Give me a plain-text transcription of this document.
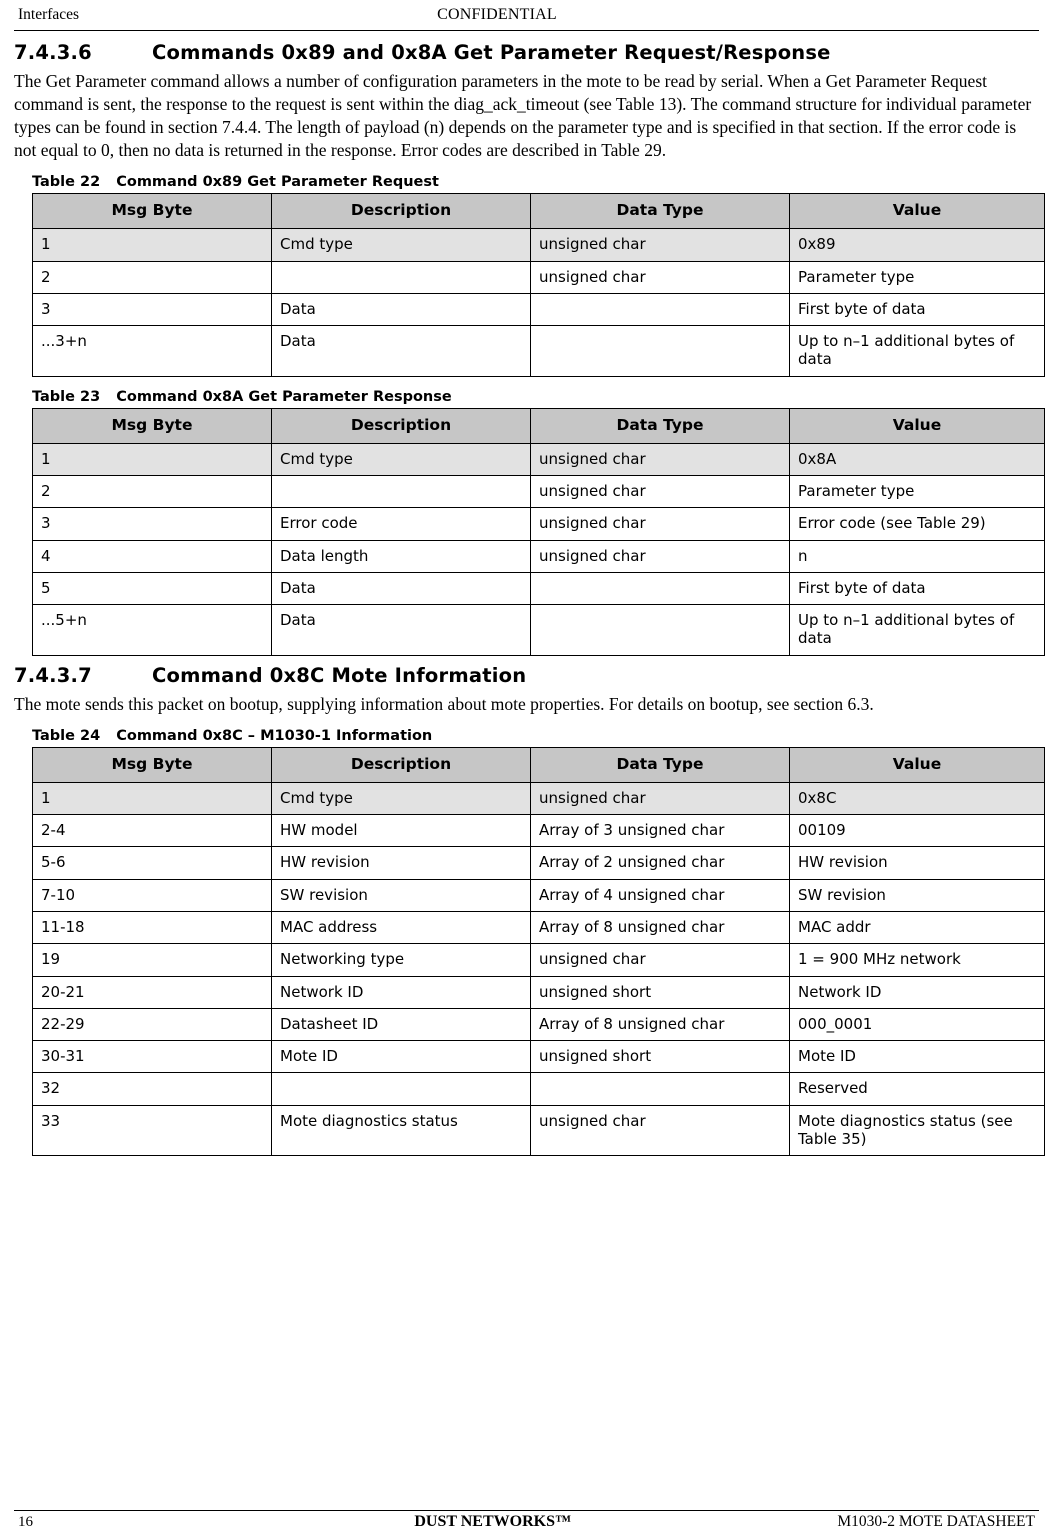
Interfaces	CONFIDENTIAL
7.4.3.6	Commands 0x89 and 0x8A Get Parameter Request/Response

The Get Parameter command allows a number of configuration parameters in the mote to be read by serial. When a Get Parameter Request command is sent, the response to the request is sent within the diag_ack_timeout (see Table 13). The command structure for individual parameter types can be found in section 7.4.4. The length of payload (n) depends on the parameter type and is specified in that section. If the error code is not equal to 0, then no data is returned in the response. Error codes are described in Table 29.

Table 22 Command 0x89 Get Parameter Request
Msg Byte	Description	Data Type	Value
1	Cmd type	unsigned char	0x89
2		unsigned char	Parameter type
3	Data		First byte of data
...3+n	Data		Up to n–1 additional bytes of data
Table 23 Command 0x8A Get Parameter Response
Msg Byte	Description	Data Type	Value
1	Cmd type	unsigned char	0x8A
2		unsigned char	Parameter type
3	Error code	unsigned char	Error code (see Table 29)
4	Data length	unsigned char	n
5	Data		First byte of data
...5+n	Data		Up to n–1 additional bytes of data
7.4.3.7	Command 0x8C Mote Information

The mote sends this packet on bootup, supplying information about mote properties. For details on bootup, see section 6.3.

Table 24 Command 0x8C – M1030-1 Information
Msg Byte	Description	Data Type	Value
1	Cmd type	unsigned char	0x8C
2-4	HW model	Array of 3 unsigned char	00109
5-6	HW revision	Array of 2 unsigned char	HW revision
7-10	SW revision	Array of 4 unsigned char	SW revision
11-18	MAC address	Array of 8 unsigned char	MAC addr
19	Networking type	unsigned char	1 = 900 MHz network
20-21	Network ID	unsigned short	Network ID
22-29	Datasheet ID	Array of 8 unsigned char	000_0001
30-31	Mote ID	unsigned short	Mote ID
32			Reserved
33	Mote diagnostics status	unsigned char	Mote diagnostics status (see Table 35)
16	DUST NETWORKS™	M1030-2 MOTE DATASHEET
